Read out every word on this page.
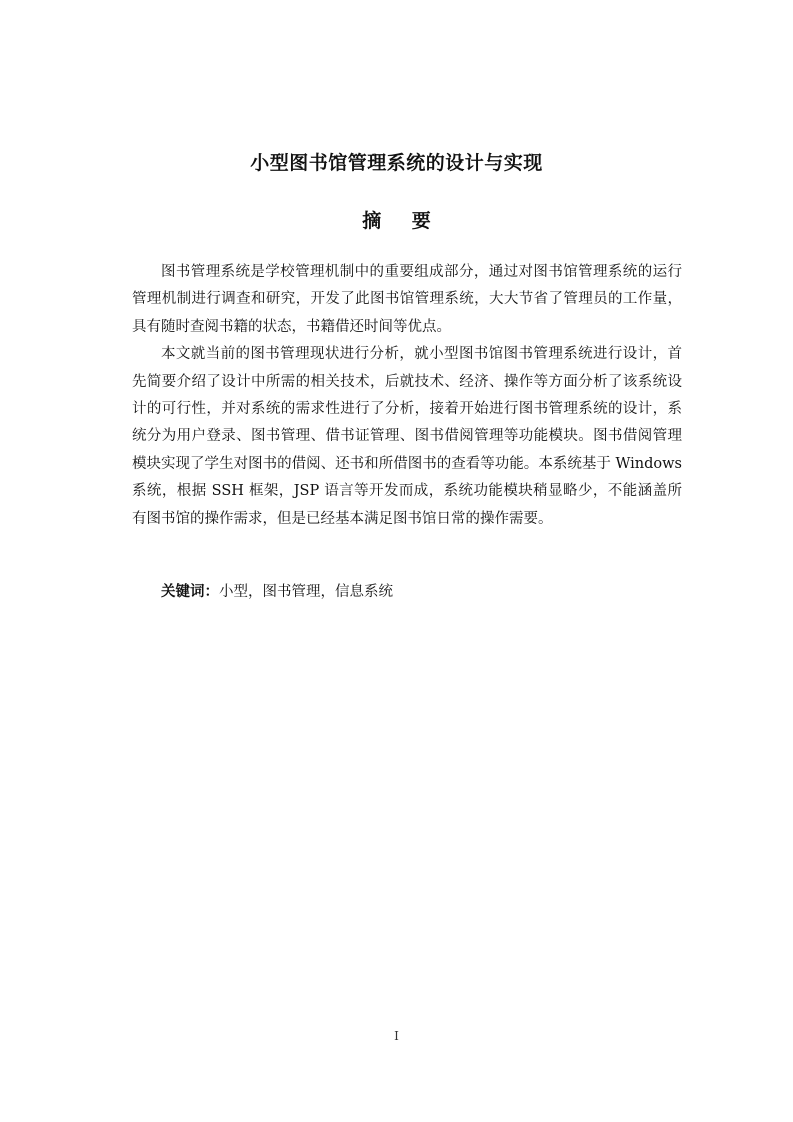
小型图书馆管理系统的设计与实现
摘 要

图书管理系统是学校管理机制中的重要组成部分，通过对图书馆管理系统的运行管理机制进行调查和研究，开发了此图书馆管理系统，大大节省了管理员的工作量，具有随时查阅书籍的状态，书籍借还时间等优点。

本文就当前的图书管理现状进行分析，就小型图书馆图书管理系统进行设计，首先简要介绍了设计中所需的相关技术，后就技术、经济、操作等方面分析了该系统设计的可行性，并对系统的需求性进行了分析，接着开始进行图书管理系统的设计，系统分为用户登录、图书管理、借书证管理、图书借阅管理等功能模块。图书借阅管理模块实现了学生对图书的借阅、还书和所借图书的查看等功能。本系统基于 Windows 系统，根据 SSH 框架，JSP 语言等开发而成，系统功能模块稍显略少，不能涵盖所有图书馆的操作需求，但是已经基本满足图书馆日常的操作需要。

关键词：小型，图书管理，信息系统

I
